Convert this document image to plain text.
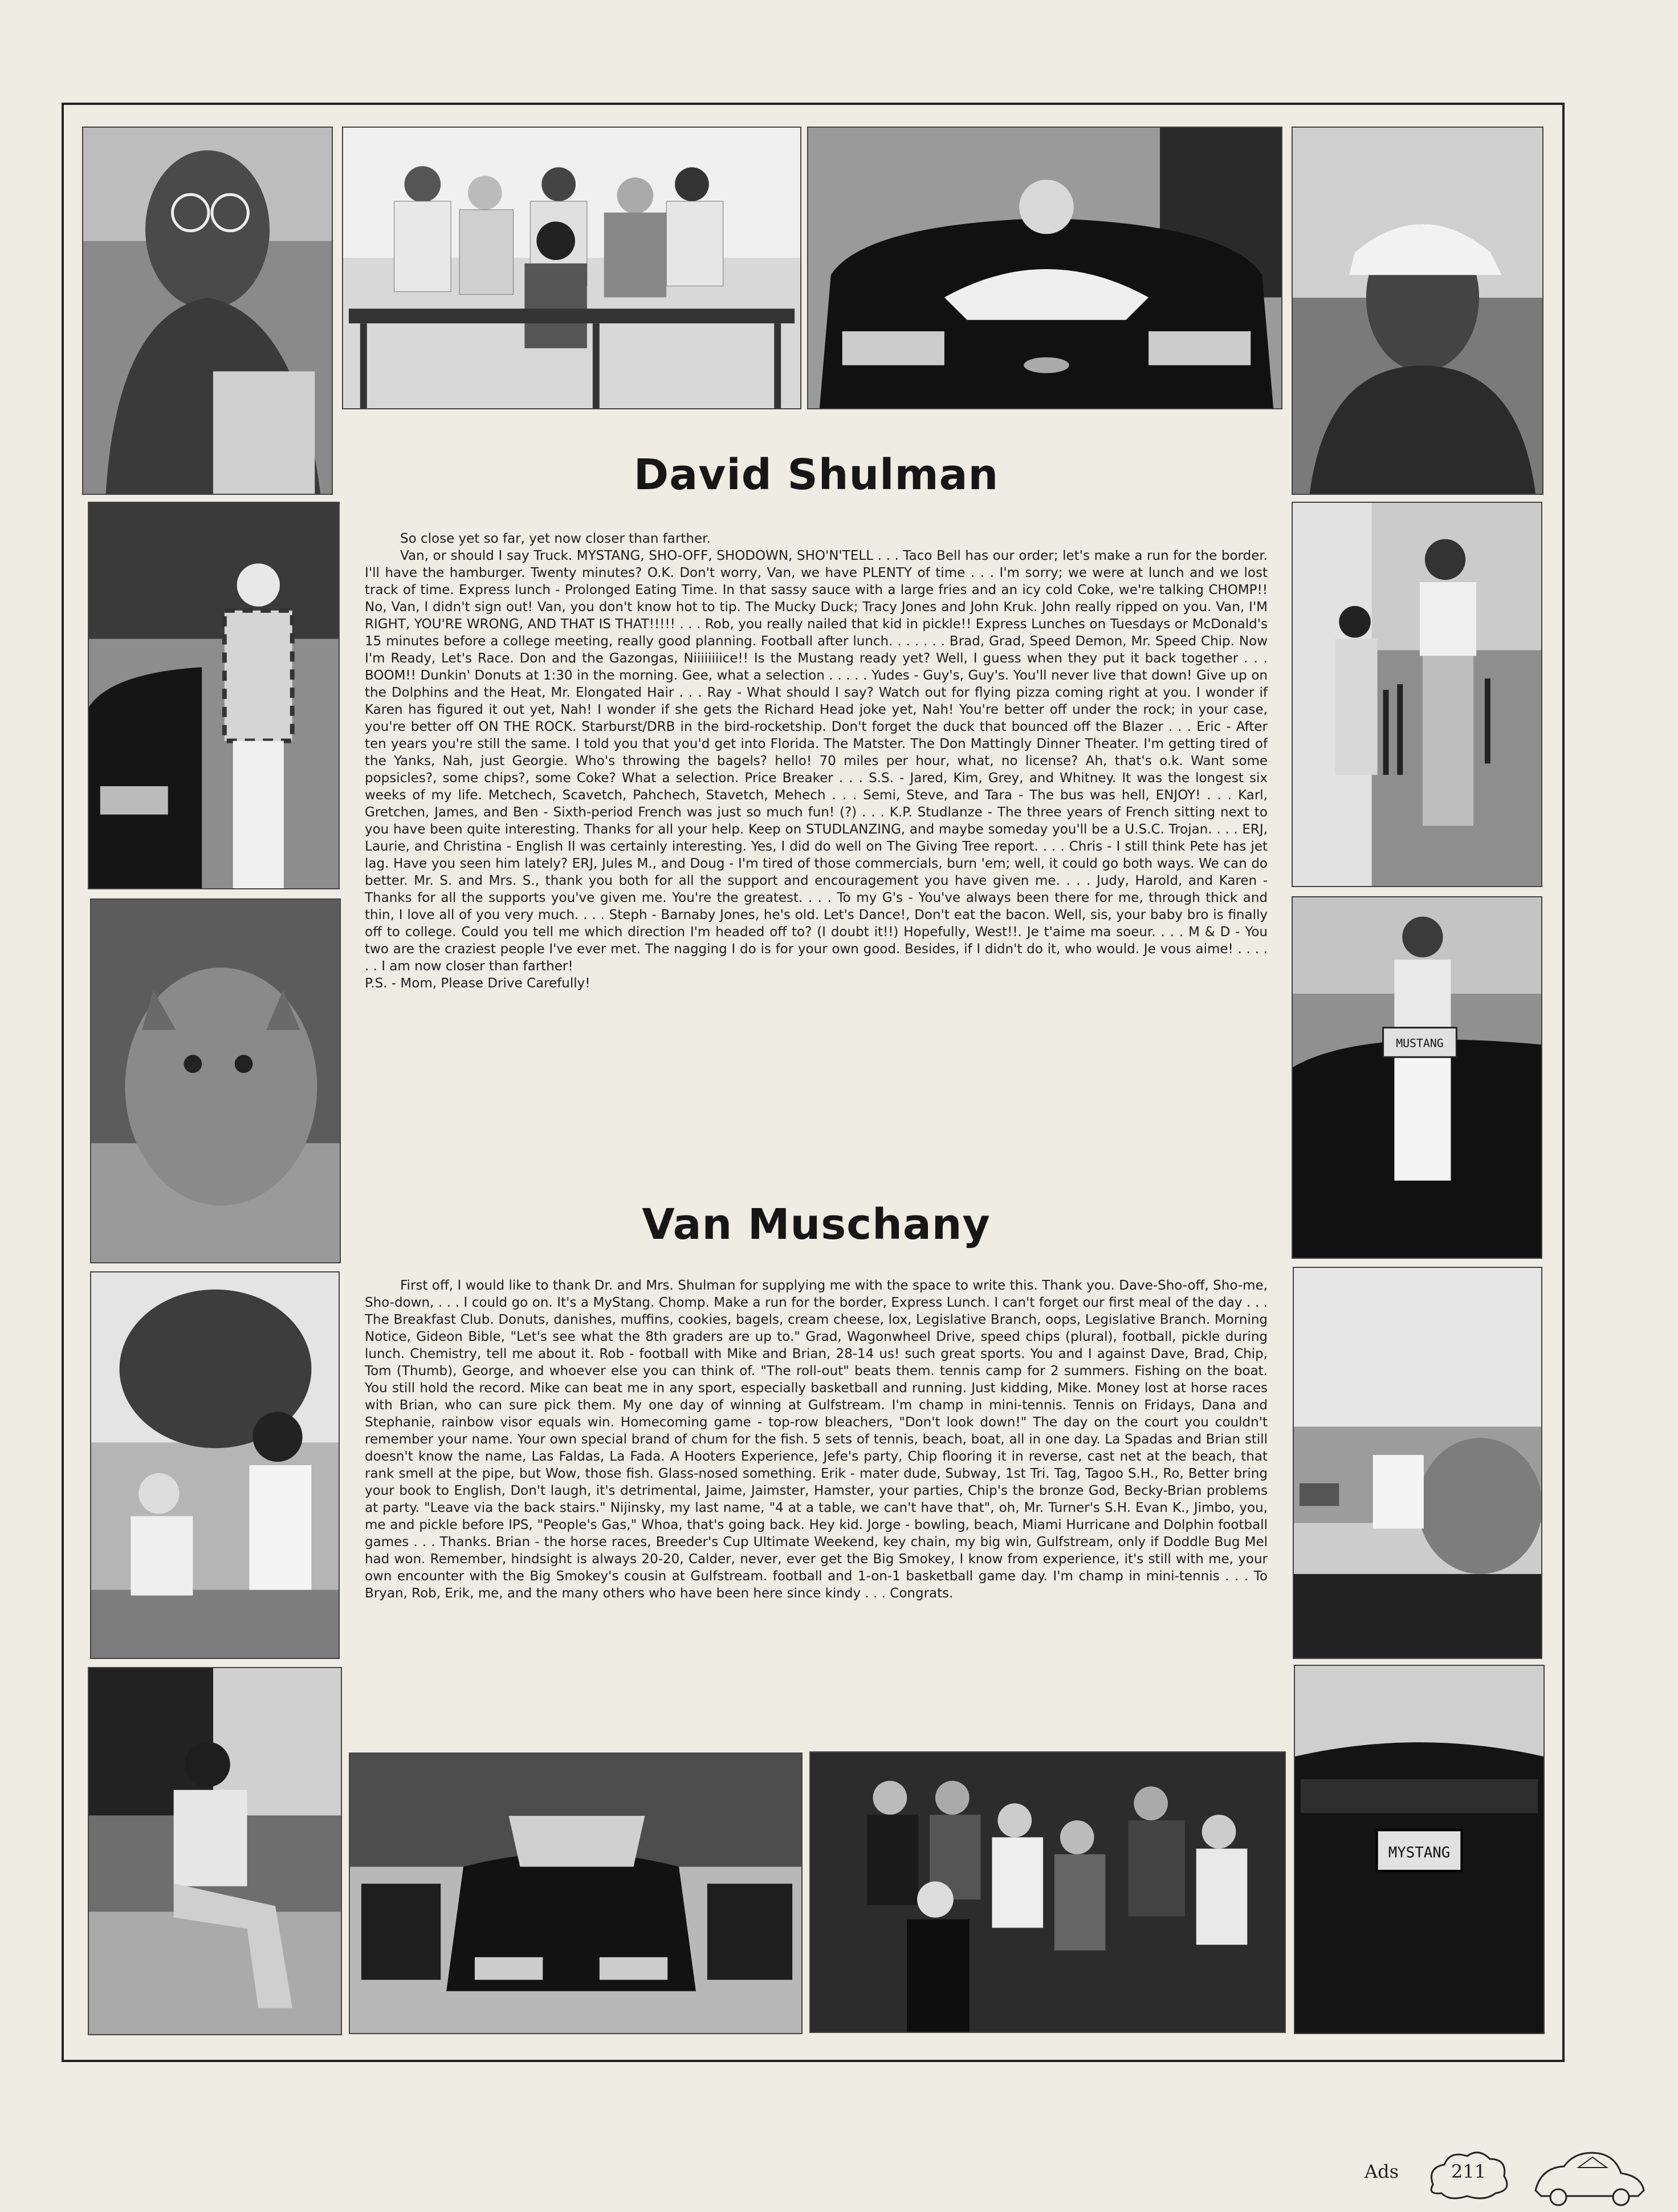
MUSTANG
MYSTANG
David Shulman

So close yet so far, yet now closer than farther.

Van, or should I say Truck. MYSTANG, SHO-OFF, SHODOWN, SHO'N'TELL . . . Taco Bell has our order; let's make a run for the border. I'll have the hamburger. Twenty minutes? O.K. Don't worry, Van, we have PLENTY of time . . . I'm sorry; we were at lunch and we lost track of time. Express lunch - Prolonged Eating Time. In that sassy sauce with a large fries and an icy cold Coke, we're talking CHOMP!! No, Van, I didn't sign out! Van, you don't know hot to tip. The Mucky Duck; Tracy Jones and John Kruk. John really ripped on you. Van, I'M RIGHT, YOU'RE WRONG, AND THAT IS THAT!!!!! . . . Rob, you really nailed that kid in pickle!! Express Lunches on Tuesdays or McDonald's 15 minutes before a college meeting, really good planning. Football after lunch. . . . . . . Brad, Grad, Speed Demon, Mr. Speed Chip. Now I'm Ready, Let's Race. Don and the Gazongas, Niiiiiiiice!! Is the Mustang ready yet? Well, I guess when they put it back together . . . BOOM!! Dunkin' Donuts at 1:30 in the morning. Gee, what a selection . . . . . Yudes - Guy's, Guy's. You'll never live that down! Give up on the Dolphins and the Heat, Mr. Elongated Hair . . . Ray - What should I say? Watch out for flying pizza coming right at you. I wonder if Karen has figured it out yet, Nah! I wonder if she gets the Richard Head joke yet, Nah! You're better off under the rock; in your case, you're better off ON THE ROCK. Starburst/DRB in the bird-rocketship. Don't forget the duck that bounced off the Blazer . . . Eric - After ten years you're still the same. I told you that you'd get into Florida. The Matster. The Don Mattingly Dinner Theater. I'm getting tired of the Yanks, Nah, just Georgie. Who's throwing the bagels? hello! 70 miles per hour, what, no license? Ah, that's o.k. Want some popsicles?, some chips?, some Coke? What a selection. Price Breaker . . . S.S. - Jared, Kim, Grey, and Whitney. It was the longest six weeks of my life. Metchech, Scavetch, Pahchech, Stavetch, Mehech . . . Semi, Steve, and Tara - The bus was hell, ENJOY! . . . Karl, Gretchen, James, and Ben - Sixth-period French was just so much fun! (?) . . . K.P. Studlanze - The three years of French sitting next to you have been quite interesting. Thanks for all your help. Keep on STUDLANZING, and maybe someday you'll be a U.S.C. Trojan. . . . ERJ, Laurie, and Christina - English II was certainly interesting. Yes, I did do well on The Giving Tree report. . . . Chris - I still think Pete has jet lag. Have you seen him lately? ERJ, Jules M., and Doug - I'm tired of those commercials, burn 'em; well, it could go both ways. We can do better. Mr. S. and Mrs. S., thank you both for all the support and encouragement you have given me. . . . Judy, Harold, and Karen - Thanks for all the supports you've given me. You're the greatest. . . . To my G's - You've always been there for me, through thick and thin, I love all of you very much. . . . Steph - Barnaby Jones, he's old. Let's Dance!, Don't eat the bacon. Well, sis, your baby bro is finally off to college. Could you tell me which direction I'm headed off to? (I doubt it!!) Hopefully, West!!. Je t'aime ma soeur. . . . M & D - You two are the craziest people I've ever met. The nagging I do is for your own good. Besides, if I didn't do it, who would. Je vous aime! . . . . . . I am now closer than farther!

P.S. - Mom, Please Drive Carefully!

Van Muschany

First off, I would like to thank Dr. and Mrs. Shulman for supplying me with the space to write this. Thank you. Dave-Sho-off, Sho-me, Sho-down, . . . I could go on. It's a MyStang. Chomp. Make a run for the border, Express Lunch. I can't forget our first meal of the day . . . The Breakfast Club. Donuts, danishes, muffins, cookies, bagels, cream cheese, lox, Legislative Branch, oops, Legislative Branch. Morning Notice, Gideon Bible, "Let's see what the 8th graders are up to." Grad, Wagonwheel Drive, speed chips (plural), football, pickle during lunch. Chemistry, tell me about it. Rob - football with Mike and Brian, 28-14 us! such great sports. You and I against Dave, Brad, Chip, Tom (Thumb), George, and whoever else you can think of. "The roll-out" beats them. tennis camp for 2 summers. Fishing on the boat. You still hold the record. Mike can beat me in any sport, especially basketball and running. Just kidding, Mike. Money lost at horse races with Brian, who can sure pick them. My one day of winning at Gulfstream. I'm champ in mini-tennis. Tennis on Fridays, Dana and Stephanie, rainbow visor equals win. Homecoming game - top-row bleachers, "Don't look down!" The day on the court you couldn't remember your name. Your own special brand of chum for the fish. 5 sets of tennis, beach, boat, all in one day. La Spadas and Brian still doesn't know the name, Las Faldas, La Fada. A Hooters Experience, Jefe's party, Chip flooring it in reverse, cast net at the beach, that rank smell at the pipe, but Wow, those fish. Glass-nosed something. Erik - mater dude, Subway, 1st Tri. Tag, Tagoo S.H., Ro, Better bring your book to English, Don't laugh, it's detrimental, Jaime, Jaimster, Hamster, your parties, Chip's the bronze God, Becky-Brian problems at party. "Leave via the back stairs." Nijinsky, my last name, "4 at a table, we can't have that", oh, Mr. Turner's S.H. Evan K., Jimbo, you, me and pickle before IPS, "People's Gas," Whoa, that's going back. Hey kid. Jorge - bowling, beach, Miami Hurricane and Dolphin football games . . . Thanks. Brian - the horse races, Breeder's Cup Ultimate Weekend, key chain, my big win, Gulfstream, only if Doddle Bug Mel had won. Remember, hindsight is always 20-20, Calder, never, ever get the Big Smokey, I know from experience, it's still with me, your own encounter with the Big Smokey's cousin at Gulfstream. football and 1-on-1 basketball game day. I'm champ in mini-tennis . . . To Bryan, Rob, Erik, me, and the many others who have been here since kindy . . . Congrats.

Ads	211
